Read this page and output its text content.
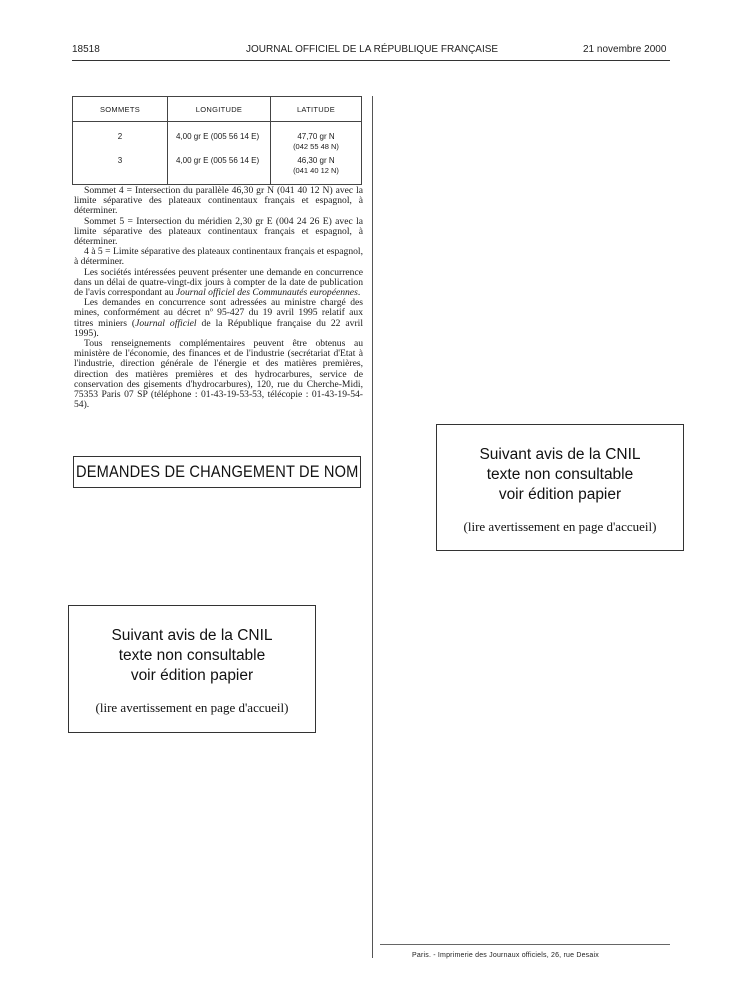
18518	JOURNAL OFFICIEL DE LA RÉPUBLIQUE FRANÇAISE	21 novembre 2000
SOMMETS	LONGITUDE	LATITUDE
2	4,00 gr E (005 56 14 E)	47,70 gr N
(042 55 48 N)

3	4,00 gr E (005 56 14 E)	46,30 gr N
(041 40 12 N)

Sommet 4 = Intersection du parallèle 46,30 gr N (041 40 12 N) avec la limite séparative des plateaux continentaux français et espagnol, à déterminer.

Sommet 5 = Intersection du méridien 2,30 gr E (004 24 26 E) avec la limite séparative des plateaux continentaux français et espagnol, à déterminer.

4 à 5 = Limite séparative des plateaux continentaux français et espagnol, à déterminer.

Les sociétés intéressées peuvent présenter une demande en concurrence dans un délai de quatre-vingt-dix jours à compter de la date de publication de l'avis correspondant au Journal officiel des Communautés européennes.

Les demandes en concurrence sont adressées au ministre chargé des mines, conformément au décret nº 95-427 du 19 avril 1995 relatif aux titres miniers (Journal officiel de la République française du 22 avril 1995).

Tous renseignements complémentaires peuvent être obtenus au ministère de l'économie, des finances et de l'industrie (secrétariat d'Etat à l'industrie, direction générale de l'énergie et des matières premières, direction des matières premières et des hydrocarbures, service de conservation des gisements d'hydrocarbures), 120, rue du Cherche-Midi, 75353 Paris 07 SP (téléphone : 01-43-19-53-53, télécopie : 01-43-19-54-54).

DEMANDES DE CHANGEMENT DE NOM
Suivant avis de la CNIL
texte non consultable
voir édition papier
(lire avertissement en page d'accueil)
Suivant avis de la CNIL
texte non consultable
voir édition papier
(lire avertissement en page d'accueil)
Paris. - Imprimerie des Journaux officiels, 26, rue Desaix
